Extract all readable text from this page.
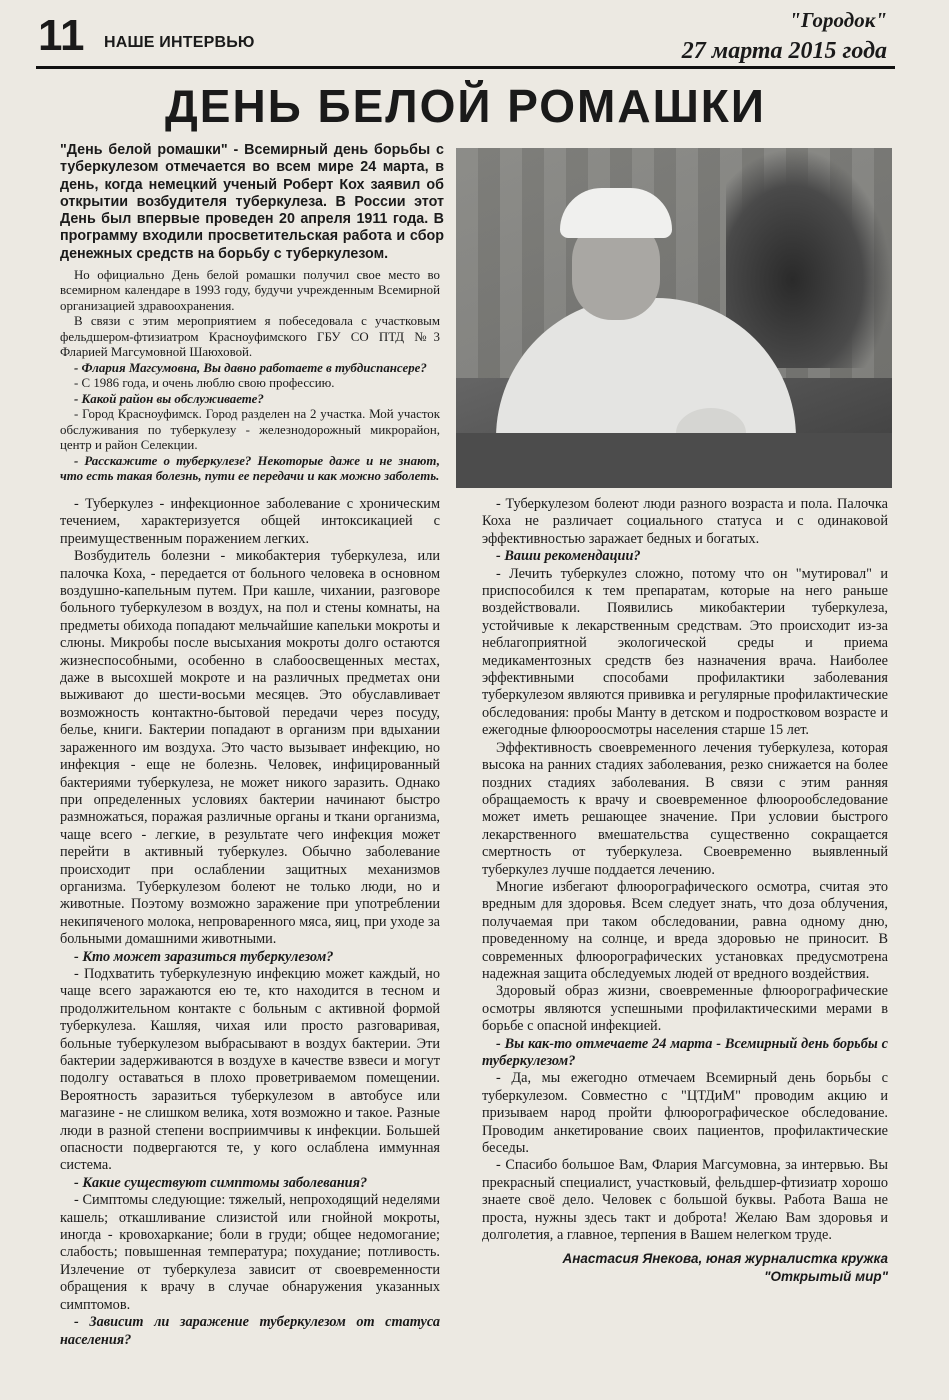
11 НАШЕ ИНТЕРВЬЮ
"Городок"
27 марта 2015 года
ДЕНЬ БЕЛОЙ РОМАШКИ
"День белой ромашки" - Всемирный день борьбы с туберкулезом отмечается во всем мире 24 марта, в день, когда немецкий ученый Роберт Кох заявил об открытии возбудителя туберкулеза. В России этот День был впервые проведен 20 апреля 1911 года. В программу входили просветительская работа и сбор денежных средств на борьбу с туберкулезом.

Но официально День белой ромашки получил свое место во всемирном календаре в 1993 году, будучи учрежденным Всемирной организацией здравоохранения.

В связи с этим мероприятием я побеседовала с участковым фельдшером-фтизиатром Красноуфимского ГБУ СО ПТД №3 Фларией Магсумовной Шаюховой.

- Флария Магсумовна, Вы давно работаете в тубдиспансере?

- С 1986 года, и очень люблю свою профессию.

- Какой район вы обслуживаете?

- Город Красноуфимск. Город разделен на 2 участка. Мой участок обслуживания по туберкулезу - железнодорожный микрорайон, центр и район Селекции.

- Расскажите о туберкулезе? Некоторые даже и не знают, что есть такая болезнь, пути ее передачи и как можно заболеть.

- Туберкулез - инфекционное заболевание с хроническим течением, характеризуется общей интоксикацией с преимущественным поражением легких.

Возбудитель болезни - микобактерия туберкулеза, или палочка Коха, - передается от больного человека в основном воздушно-капельным путем. При кашле, чихании, разговоре больного туберкулезом в воздух, на пол и стены комнаты, на предметы обихода попадают мельчайшие капельки мокроты и слюны. Микробы после высыхания мокроты долго остаются жизнеспособными, особенно в слабоосвещенных местах, даже в высохшей мокроте и на различных предметах они выживают до шести-восьми месяцев. Это обуславливает возможность контактно-бытовой передачи через посуду, белье, книги. Бактерии попадают в организм при вдыхании зараженного им воздуха. Это часто вызывает инфекцию, но инфекция - еще не болезнь. Человек, инфицированный бактериями туберкулеза, не может никого заразить. Однако при определенных условиях бактерии начинают быстро размножаться, поражая различные органы и ткани организма, чаще всего - легкие, в результате чего инфекция может перейти в активный туберкулез. Обычно заболевание происходит при ослаблении защитных механизмов организма. Туберкулезом болеют не только люди, но и животные. Поэтому возможно заражение при употреблении некипяченого молока, непроваренного мяса, яиц, при уходе за больными домашними животными.

- Кто может заразиться туберкулезом?

- Подхватить туберкулезную инфекцию может каждый, но чаще всего заражаются ею те, кто находится в тесном и продолжительном контакте с больным с активной формой туберкулеза. Кашляя, чихая или просто разговаривая, больные туберкулезом выбрасывают в воздух бактерии. Эти бактерии задерживаются в воздухе в качестве взвеси и могут подолгу оставаться в плохо проветриваемом помещении. Вероятность заразиться туберкулезом в автобусе или магазине - не слишком велика, хотя возможно и такое. Разные люди в разной степени восприимчивы к инфекции. Большей опасности подвергаются те, у кого ослаблена иммунная система.

- Какие существуют симптомы заболевания?

- Симптомы следующие: тяжелый, непроходящий неделями кашель; откашливание слизистой или гнойной мокроты, иногда - кровохаркание; боли в груди; общее недомогание; слабость; повышенная температура; похудание; потливость. Излечение от туберкулеза зависит от своевременности обращения к врачу в случае обнаружения указанных симптомов.

- Зависит ли заражение туберкулезом от статуса населения?

- Туберкулезом болеют люди разного возраста и пола. Палочка Коха не различает социального статуса и с одинаковой эффективностью заражает бедных и богатых.

- Ваши рекомендации?

- Лечить туберкулез сложно, потому что он "мутировал" и приспособился к тем препаратам, которые на него раньше воздействовали. Появились микобактерии туберкулеза, устойчивые к лекарственным средствам. Это происходит из-за неблагоприятной экологической среды и приема медикаментозных средств без назначения врача. Наиболее эффективными способами профилактики заболевания туберкулезом являются прививка и регулярные профилактические обследования: пробы Манту в детском и подростковом возрасте и ежегодные флюороосмотры населения старше 15 лет.

Эффективность своевременного лечения туберкулеза, которая высока на ранних стадиях заболевания, резко снижается на более поздних стадиях заболевания. В связи с этим ранняя обращаемость к врачу и своевременное флюорообследование может иметь решающее значение. При условии быстрого лекарственного вмешательства существенно сокращается смертность от туберкулеза. Своевременно выявленный туберкулез лучше поддается лечению.

Многие избегают флюорографического осмотра, считая это вредным для здоровья. Всем следует знать, что доза облучения, получаемая при таком обследовании, равна одному дню, проведенному на солнце, и вреда здоровью не приносит. В современных флюорографических установках предусмотрена надежная защита обследуемых людей от вредного воздействия.

Здоровый образ жизни, своевременные флюорографические осмотры являются успешными профилактическими мерами в борьбе с опасной инфекцией.

- Вы как-то отмечаете 24 марта - Всемирный день борьбы с туберкулезом?

- Да, мы ежегодно отмечаем Всемирный день борьбы с туберкулезом. Совместно с "ЦТДиМ" проводим акцию и призываем народ пройти флюорографическое обследование. Проводим анкетирование своих пациентов, профилактические беседы.

- Спасибо большое Вам, Флария Магсумовна, за интервью. Вы прекрасный специалист, участковый, фельдшер-фтизиатр хорошо знаете своё дело. Человек с большой буквы. Работа Ваша не проста, нужны здесь такт и доброта! Желаю Вам здоровья и долголетия, а главное, терпения в Вашем нелегком труде.

Анастасия Янекова, юная журналистка кружка

"Открытый мир"
